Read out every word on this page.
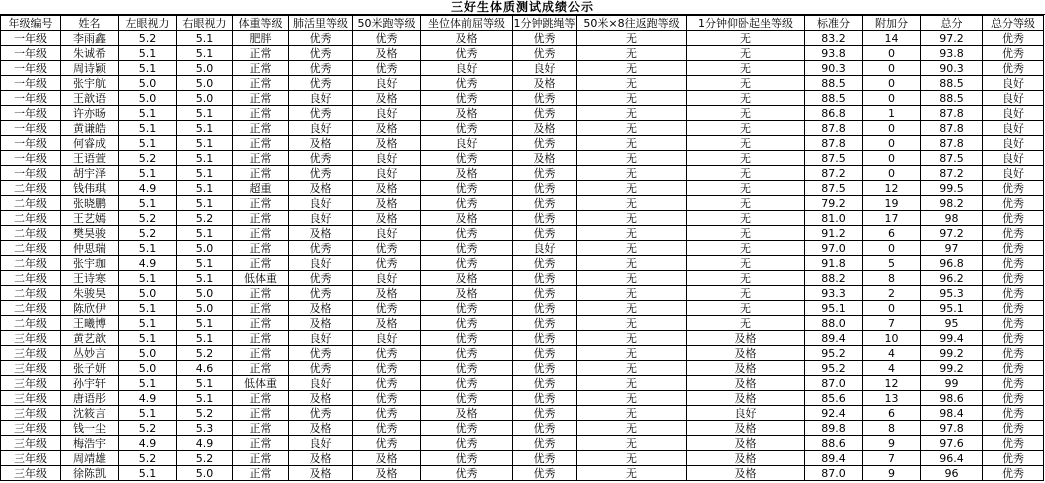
三好生体质测试成绩公示
年级编号	姓名	左眼视力	右眼视力	体重等级	肺活里等级	50米跑等级	坐位体前屈等级	1分钟跳绳等	50米×8往返跑等级	1分钟仰卧起坐等级	标准分	附加分	总分	总分等级
一年级	李雨鑫	5.2	5.1	肥胖	优秀	优秀	及格	优秀	无	无	83.2	14	97.2	优秀
一年级	朱诚希	5.1	5.1	正常	优秀	及格	优秀	优秀	无	无	93.8	0	93.8	优秀
一年级	周诗颖	5.1	5.0	正常	优秀	优秀	良好	良好	无	无	90.3	0	90.3	优秀
一年级	张宇航	5.0	5.0	正常	优秀	良好	优秀	及格	无	无	88.5	0	88.5	良好
一年级	王歆语	5.0	5.0	正常	良好	及格	优秀	优秀	无	无	88.5	0	88.5	良好
一年级	许亦旸	5.1	5.1	正常	优秀	良好	及格	优秀	无	无	86.8	1	87.8	良好
一年级	黄谦皓	5.1	5.1	正常	良好	及格	优秀	及格	无	无	87.8	0	87.8	良好
一年级	何睿成	5.1	5.1	正常	及格	及格	良好	优秀	无	无	87.8	0	87.8	良好
一年级	王语萱	5.2	5.1	正常	优秀	良好	优秀	及格	无	无	87.5	0	87.5	良好
一年级	胡宇泽	5.1	5.1	正常	优秀	良好	及格	优秀	无	无	87.2	0	87.2	良好
二年级	钱伟琪	4.9	5.1	超重	及格	及格	优秀	优秀	无	无	87.5	12	99.5	优秀
二年级	张晓鹏	5.1	5.1	正常	良好	及格	优秀	优秀	无	无	79.2	19	98.2	优秀
二年级	王艺嫣	5.2	5.2	正常	良好	及格	及格	优秀	无	无	81.0	17	98	优秀
二年级	樊昊骏	5.2	5.1	正常	及格	良好	优秀	优秀	无	无	91.2	6	97.2	优秀
二年级	仲思瑞	5.1	5.0	正常	优秀	优秀	优秀	良好	无	无	97.0	0	97	优秀
二年级	张宇珈	4.9	5.1	正常	良好	优秀	优秀	优秀	无	无	91.8	5	96.8	优秀
二年级	王诗寒	5.1	5.1	低体重	优秀	良好	及格	优秀	无	无	88.2	8	96.2	优秀
二年级	朱骏昊	5.0	5.0	正常	优秀	及格	及格	优秀	无	无	93.3	2	95.3	优秀
二年级	陈欣伊	5.1	5.0	正常	及格	优秀	优秀	优秀	无	无	95.1	0	95.1	优秀
二年级	王曦博	5.1	5.1	正常	及格	及格	优秀	优秀	无	无	88.0	7	95	优秀
三年级	黄艺歆	5.1	5.1	正常	良好	良好	优秀	优秀	无	及格	89.4	10	99.4	优秀
三年级	丛妙言	5.0	5.2	正常	优秀	优秀	优秀	优秀	无	及格	95.2	4	99.2	优秀
三年级	张子妍	5.0	4.6	正常	优秀	优秀	优秀	优秀	无	及格	95.2	4	99.2	优秀
三年级	孙宇轩	5.1	5.1	低体重	良好	优秀	优秀	优秀	无	及格	87.0	12	99	优秀
三年级	唐语彤	4.9	5.1	正常	及格	优秀	优秀	优秀	无	及格	85.6	13	98.6	优秀
三年级	沈筱言	5.1	5.2	正常	优秀	优秀	及格	优秀	无	良好	92.4	6	98.4	优秀
三年级	钱一尘	5.2	5.3	正常	及格	优秀	优秀	优秀	无	及格	89.8	8	97.8	优秀
三年级	梅浩宇	4.9	4.9	正常	良好	优秀	优秀	优秀	无	及格	88.6	9	97.6	优秀
三年级	周靖雄	5.2	5.2	正常	及格	及格	优秀	优秀	无	及格	89.4	7	96.4	优秀
三年级	徐陈凯	5.1	5.0	正常	及格	及格	优秀	优秀	无	及格	87.0	9	96	优秀
